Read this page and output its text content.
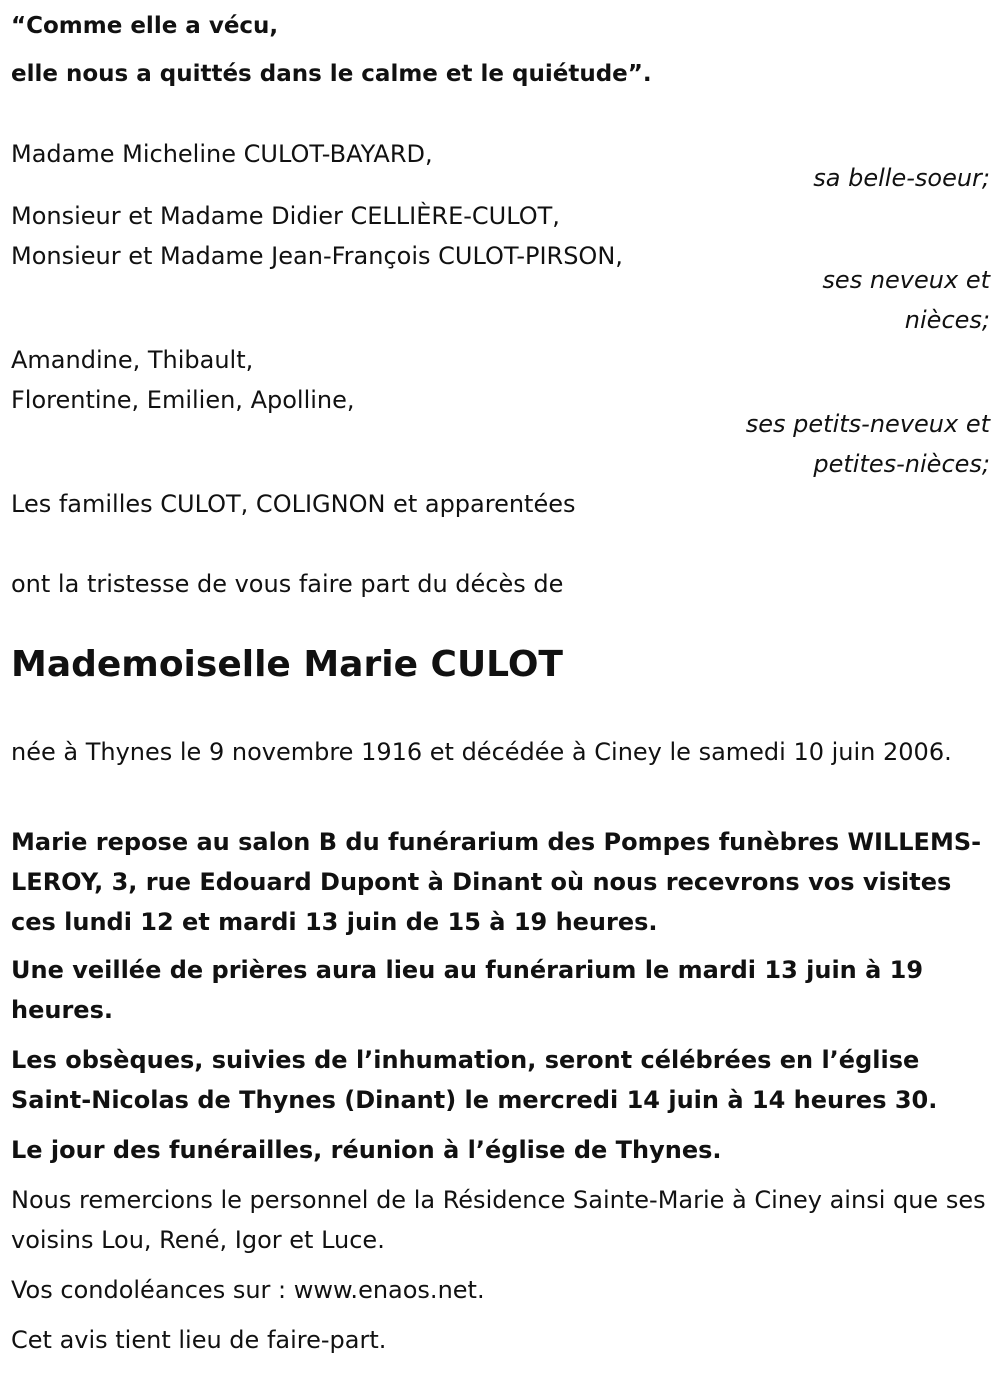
“Comme elle a vécu,
elle nous a quittés dans le calme et le quiétude”.
Madame Micheline CULOT-BAYARD,
sa belle-soeur;
Monsieur et Madame Didier CELLIÈRE-CULOT,
Monsieur et Madame Jean-François CULOT-PIRSON,
ses neveux et
nièces;
Amandine, Thibault,
Florentine, Emilien, Apolline,
ses petits-neveux et
petites-nièces;
Les familles CULOT, COLIGNON et apparentées
ont la tristesse de vous faire part du décès de
Mademoiselle Marie CULOT
née à Thynes le 9 novembre 1916 et décédée à Ciney le samedi 10 juin 2006.
Marie repose au salon B du funérarium des Pompes funèbres WILLEMS-LEROY, 3, rue Edouard Dupont à Dinant où nous recevrons vos visites ces lundi 12 et mardi 13 juin de 15 à 19 heures.
Une veillée de prières aura lieu au funérarium le mardi 13 juin à 19 heures.
Les obsèques, suivies de l’inhumation, seront célébrées en l’église Saint-Nicolas de Thynes (Dinant) le mercredi 14 juin à 14 heures 30.
Le jour des funérailles, réunion à l’église de Thynes.
Nous remercions le personnel de la Résidence Sainte-Marie à Ciney ainsi que ses voisins Lou, René, Igor et Luce.
Vos condoléances sur : www.enaos.net.
Cet avis tient lieu de faire-part.
